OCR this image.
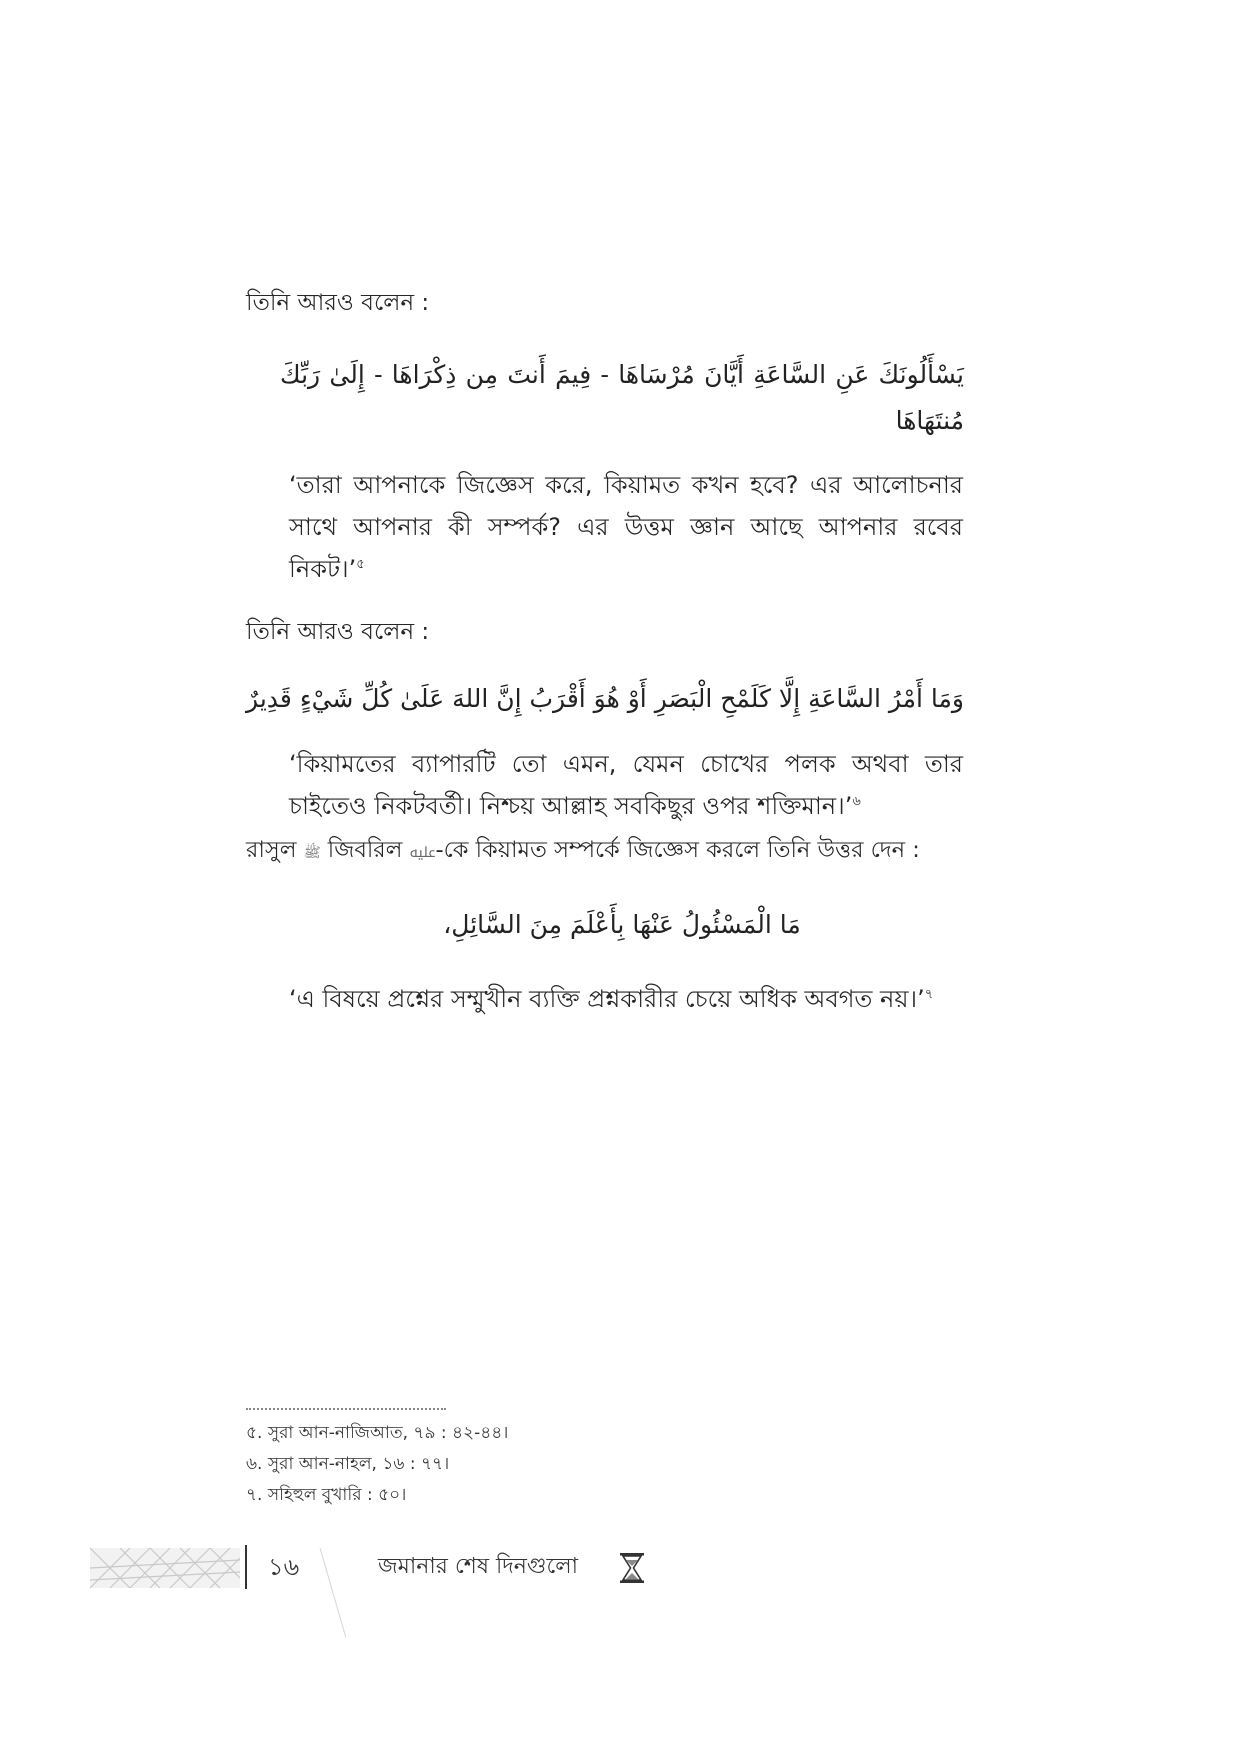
তিনি আরও বলেন :
يَسْأَلُونَكَ عَنِ السَّاعَةِ أَيَّانَ مُرْسَاهَا - فِيمَ أَنتَ مِن ذِكْرَاهَا - إِلَىٰ رَبِّكَ مُنتَهَاهَا
‘তারা আপনাকে জিজ্ঞেস করে, কিয়ামত কখন হবে? এর আলোচনার সাথে আপনার কী সম্পর্ক? এর উত্তম জ্ঞান আছে আপনার রবের নিকট।’$^৫$
তিনি আরও বলেন :
وَمَا أَمْرُ السَّاعَةِ إِلَّا كَلَمْحِ الْبَصَرِ أَوْ هُوَ أَقْرَبُ إِنَّ اللهَ عَلَىٰ كُلِّ شَيْءٍ قَدِيرٌ
‘কিয়ামতের ব্যাপারটি তো এমন, যেমন চোখের পলক অথবা তার চাইতেও নিকটবর্তী। নিশ্চয় আল্লাহ সবকিছুর ওপর শক্তিমান।’$^৬$
রাসুল ﷺ জিবরিল ﷷ-কে কিয়ামত সম্পর্কে জিজ্ঞেস করলে তিনি উত্তর দেন :
مَا الْمَسْئُولُ عَنْهَا بِأَعْلَمَ مِنَ السَّائِلِ،
‘এ বিষয়ে প্রশ্নের সম্মুখীন ব্যক্তি প্রশ্নকারীর চেয়ে অধিক অবগত নয়।’$^৭$
৫. সুরা আন-নাজিআত, ৭৯ : ৪২-৪৪।
৬. সুরা আন-নাহল, ১৬ : ৭৭।
৭. সহিহুল বুখারি : ৫০।
১৬	জমানার শেষ দিনগুলো
